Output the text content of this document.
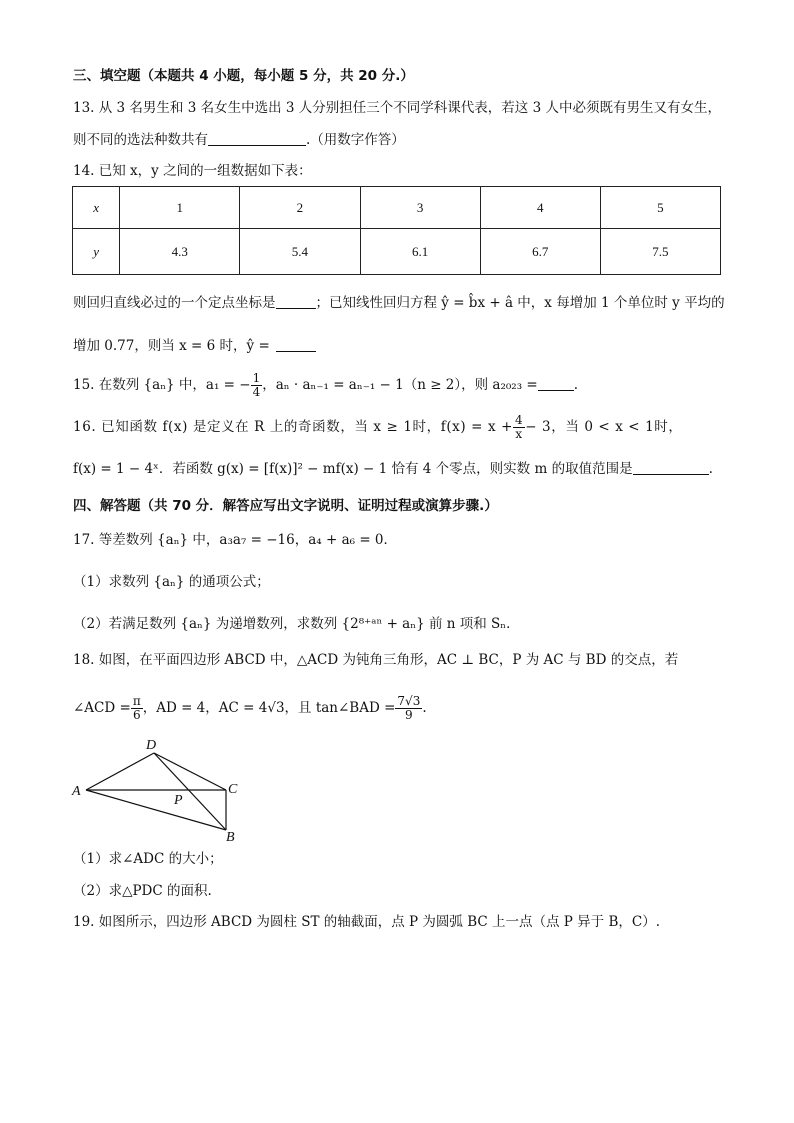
三、填空题（本题共 4 小题，每小题 5 分，共 20 分.）
13. 从 3 名男生和 3 名女生中选出 3 人分别担任三个不同学科课代表，若这 3 人中必须既有男生又有女生，
则不同的选法种数共有	.（用数字作答）
14. 已知 x，y 之间的一组数据如下表：
x	1	2	3	4	5
y	4.3	5.4	6.1	6.7	7.5
则回归直线必过的一个定点坐标是	；已知线性回归方程 ŷ = b̂x + â 中，x 每增加 1 个单位时 y 平均的
增加 0.77，则当 x = 6 时，ŷ =
15. 在数列 {aₙ} 中，a₁ = − $\frac{1}{4}$ ，aₙ · aₙ₋₁ = aₙ₋₁ − 1（n ≥ 2），则 a₂₀₂₃ =	.
16. 已知函数 f(x) 是定义在 R 上的奇函数，当 x ≥ 1时，$f(x) = x + \frac{4}{x} - 3$，当 0 < x < 1时，
f(x) = 1 − 4ˣ．若函数 g(x) = [f(x)]² − mf(x) − 1 恰有 4 个零点，则实数 m 的取值范围是	.
四、解答题（共 70 分．解答应写出文字说明、证明过程或演算步骤.）
17. 等差数列 {aₙ} 中，a₃a₇ = −16，a₄ + a₆ = 0．
（1）求数列 {aₙ} 的通项公式；
（2）若满足数列 {aₙ} 为递增数列，求数列 {2⁸⁺ᵃⁿ + aₙ} 前 n 项和 Sₙ．
18. 如图，在平面四边形 ABCD 中，△ACD 为钝角三角形，AC ⊥ BC，P 为 AC 与 BD 的交点，若
∠ACD = $\frac{\pi}{6}$ ，AD = 4，AC = 4√3，且 tan∠BAD = $\frac{7√3}{9}$ .
A
D
C
B
P
（1）求∠ADC 的大小；
（2）求△PDC 的面积.
19. 如图所示，四边形 ABCD 为圆柱 ST 的轴截面，点 P 为圆弧 BC 上一点（点 P 异于 B，C）.
